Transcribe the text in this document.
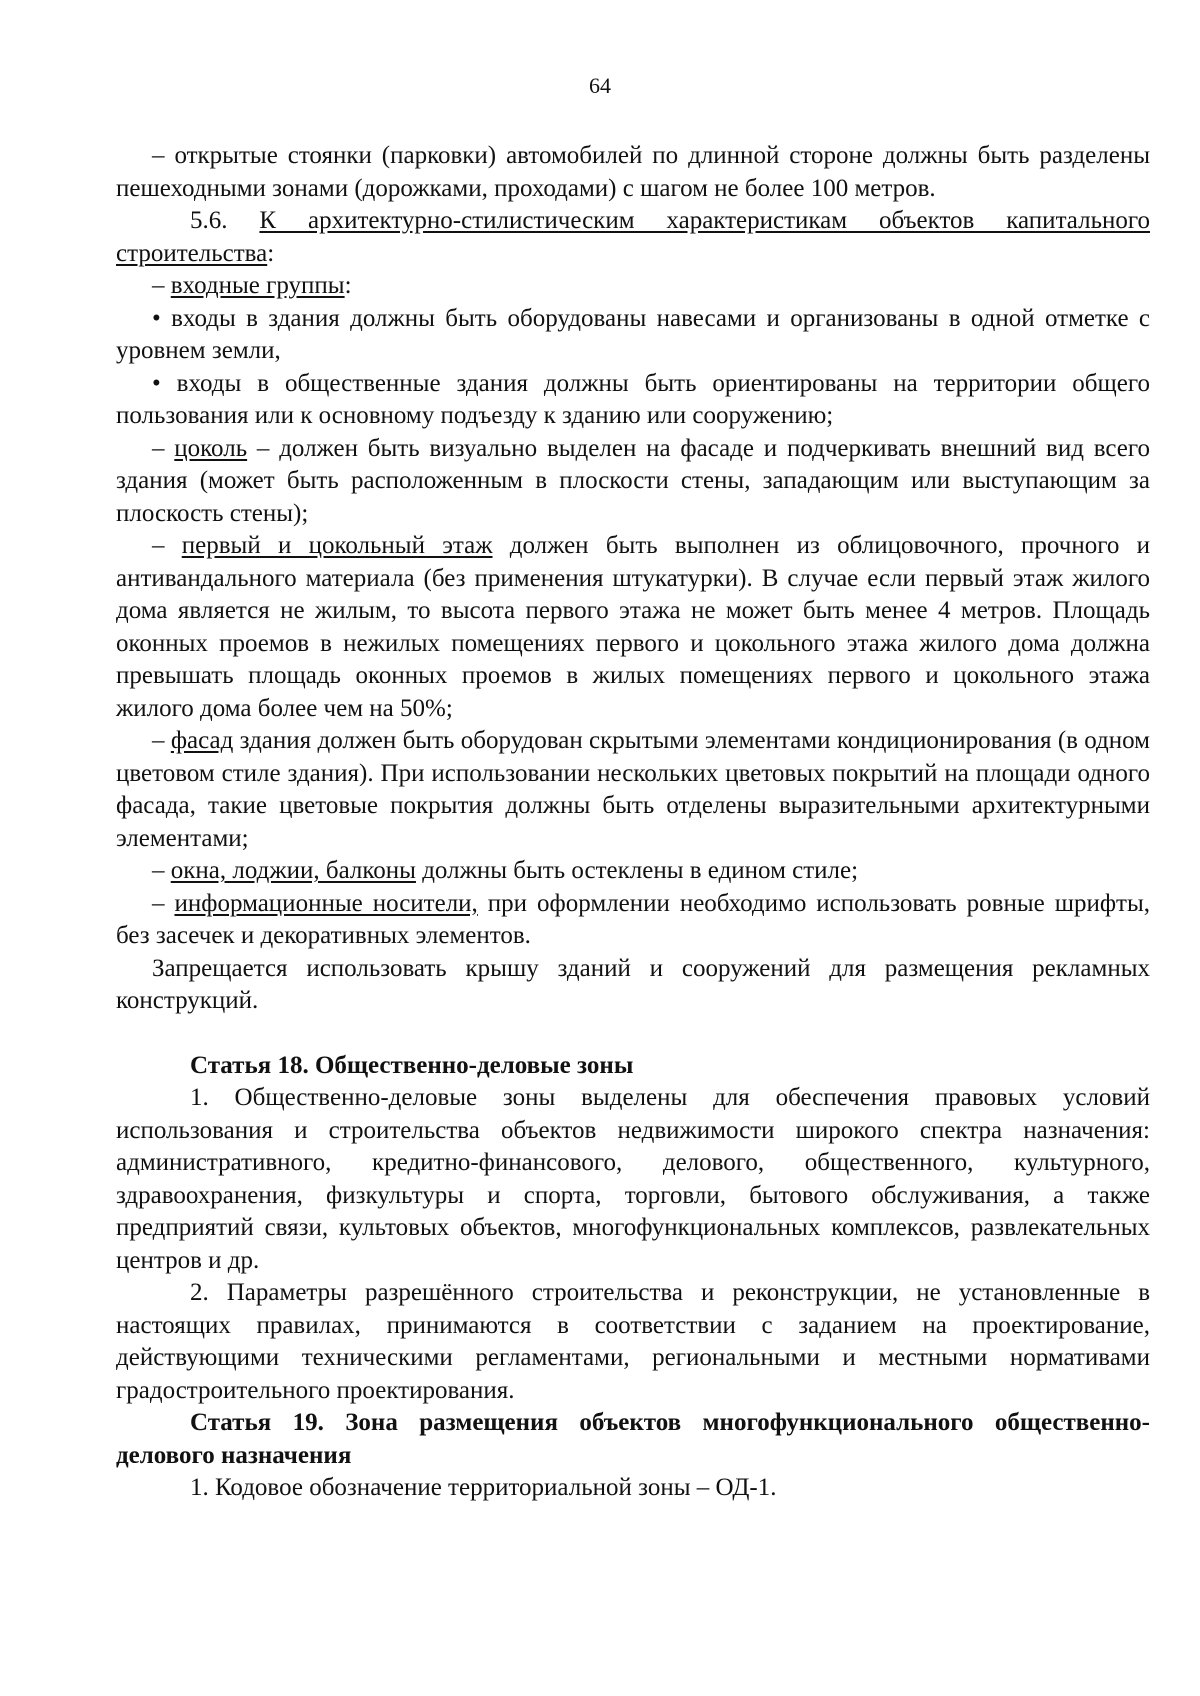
64

– открытые стоянки (парковки) автомобилей по длинной стороне должны быть разделены пешеходными зонами (дорожками, проходами) с шагом не более 100 метров.

5.6. К архитектурно-стилистическим характеристикам объектов капитального строительства:

– входные группы:

• входы в здания должны быть оборудованы навесами и организованы в одной отметке с уровнем земли,

• входы в общественные здания должны быть ориентированы на территории общего пользования или к основному подъезду к зданию или сооружению;

– цоколь – должен быть визуально выделен на фасаде и подчеркивать внешний вид всего здания (может быть расположенным в плоскости стены, западающим или выступающим за плоскость стены);

– первый и цокольный этаж должен быть выполнен из облицовочного, прочного и антивандального материала (без применения штукатурки). В случае если первый этаж жилого дома является не жилым, то высота первого этажа не может быть менее 4 метров. Площадь оконных проемов в нежилых помещениях первого и цокольного этажа жилого дома должна превышать площадь оконных проемов в жилых помещениях первого и цокольного этажа жилого дома более чем на 50%;

– фасад здания должен быть оборудован скрытыми элементами кондиционирования (в одном цветовом стиле здания). При использовании нескольких цветовых покрытий на площади одного фасада, такие цветовые покрытия должны быть отделены выразительными архитектурными элементами;

– окна, лоджии, балконы должны быть остеклены в едином стиле;

– информационные носители, при оформлении необходимо использовать ровные шрифты, без засечек и декоративных элементов.

Запрещается использовать крышу зданий и сооружений для размещения рекламных конструкций.

Статья 18. Общественно-деловые зоны

1. Общественно-деловые зоны выделены для обеспечения правовых условий использования и строительства объектов недвижимости широкого спектра назначения: административного, кредитно-финансового, делового, общественного, культурного, здравоохранения, физкультуры и спорта, торговли, бытового обслуживания, а также предприятий связи, культовых объектов, многофункциональных комплексов, развлекательных центров и др.

2. Параметры разрешённого строительства и реконструкции, не установленные в настоящих правилах, принимаются в соответствии с заданием на проектирование, действующими техническими регламентами, региональными и местными нормативами градостроительного проектирования.

Статья 19. Зона размещения объектов многофункционального общественно-делового назначения

1. Кодовое обозначение территориальной зоны – ОД-1.
